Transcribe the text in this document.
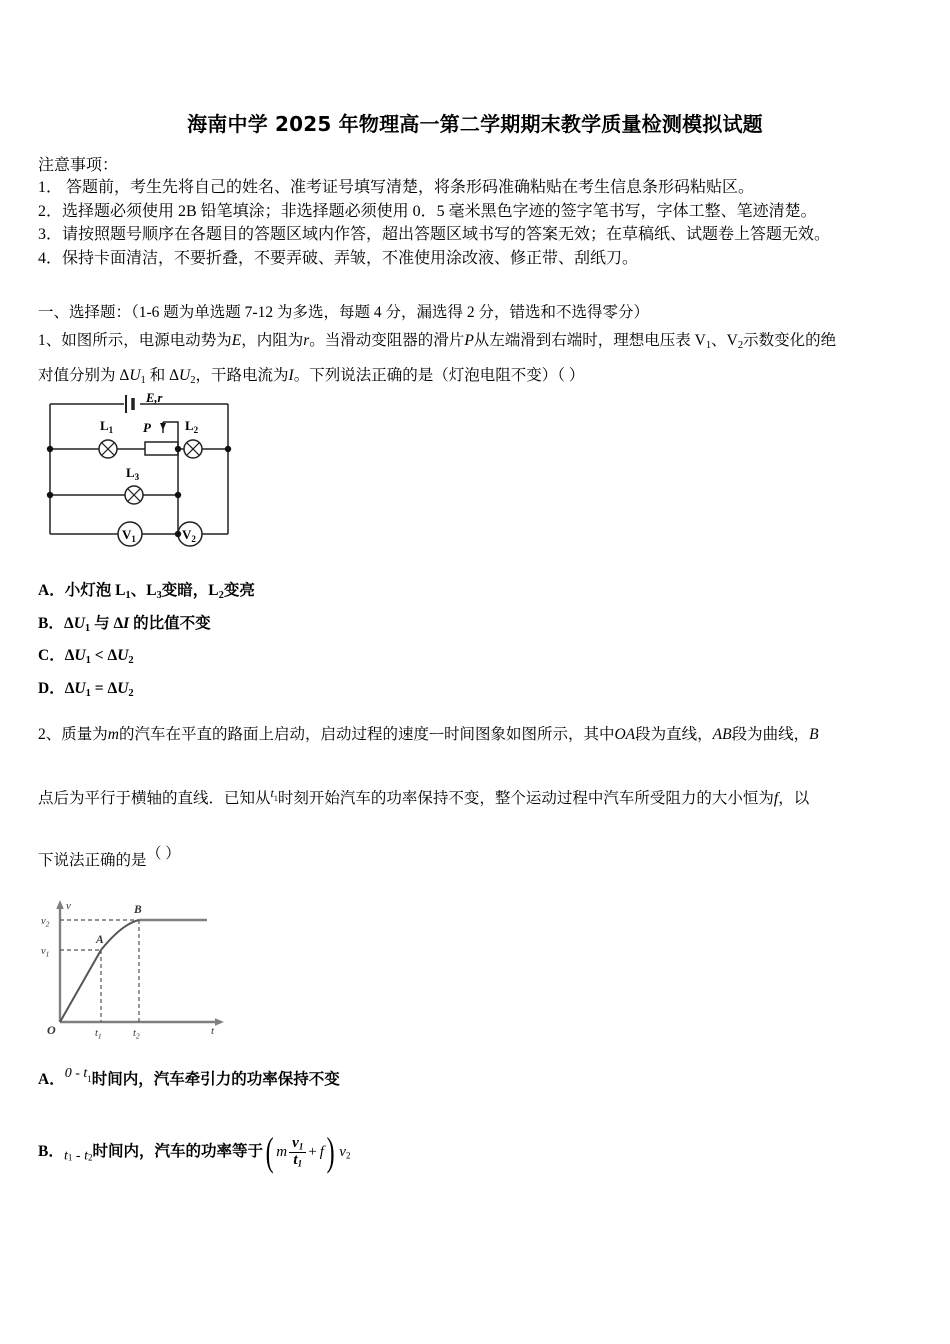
海南中学 2025 年物理高一第二学期期末教学质量检测模拟试题
注意事项：
1． 答题前，考生先将自己的姓名、准考证号填写清楚，将条形码准确粘贴在考生信息条形码粘贴区。
2．选择题必须使用 2B 铅笔填涂；非选择题必须使用 0．5 毫米黑色字迹的签字笔书写，字体工整、笔迹清楚。
3．请按照题号顺序在各题目的答题区域内作答，超出答题区域书写的答案无效；在草稿纸、试题卷上答题无效。
4．保持卡面清洁，不要折叠，不要弄破、弄皱，不准使用涂改液、修正带、刮纸刀。
一、选择题：（1-6 题为单选题 7-12 为多选，每题 4 分，漏选得 2 分，错选和不选得零分）
1、如图所示，电源电动势为E，内阻为r。当滑动变阻器的滑片P从左端滑到右端时，理想电压表 $V_1$、$V_2$示数变化的绝
对值分别为 $\Delta U_1$ 和 $\Delta U_2$，干路电流为I。下列说法正确的是（灯泡电阻不变）（ ）
E,r
$L_1$	$L_2$
$L_3$
P
$V_1$	$V_2$
A．小灯泡 $L_1$、$L_3$变暗，$L_2$变亮
B．$\Delta U_1$ 与 ΔI 的比值不变
C．$\Delta U_1 < \Delta U_2$
D．$\Delta U_1 = \Delta U_2$
2、质量为m的汽车在平直的路面上启动，启动过程的速度ᅳ时间图象如图所示，其中OA段为直线，AB段为曲线，B
点后为平行于横轴的直线．已知从$^t_1$时刻开始汽车的功率保持不变，整个运动过程中汽车所受阻力的大小恒为f，以
下说法正确的是（ ）
v
t
O
$v_1$
$v_2$
$t_1$	$t_2$
A
B
A．$0 - t_1$时间内，汽车牵引力的功率保持不变
B．$t_1 - t_2$时间内，汽车的功率等于( m $\frac{v_1}{t_1} + f$) $v_2$
